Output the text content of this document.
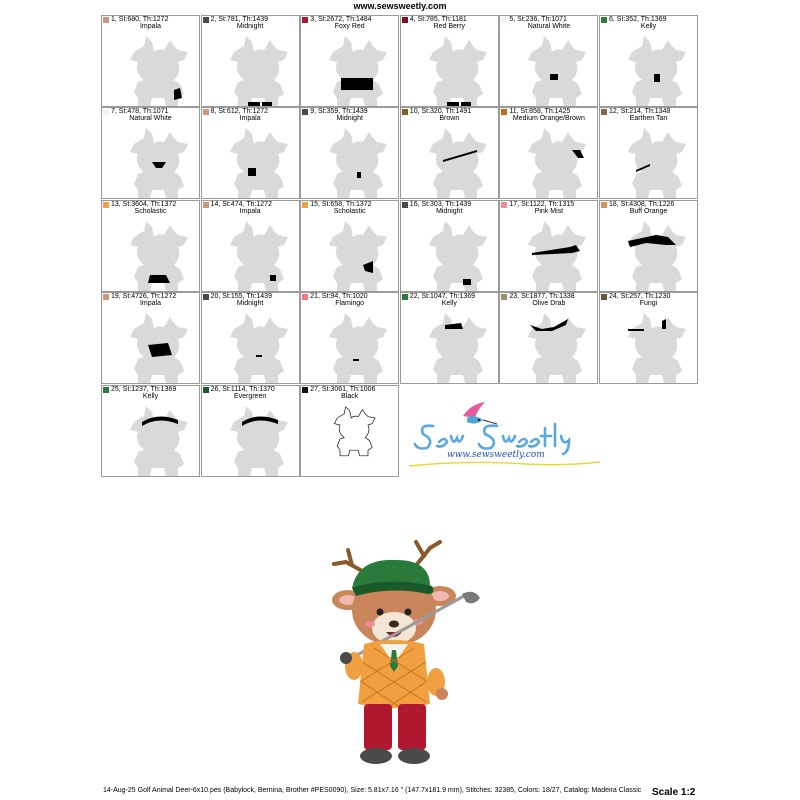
www.sewsweetly.com
1, St:680, Th:1272
Impala
2, St:781, Th:1439
Midnight
3, St:2672, Th:1484
Foxy Red
4, St:785, Th:1181
Red Berry
5, St:236, Th:1071
Natural White
6, St:352, Th:1369
Kelly
7, St:478, Th:1071
Natural White
8, St:612, Th:1272
Impala
9, St:359, Th:1439
Midnight
10, St:320, Th:1491
Brown
11, St:858, Th:1425
Medium Orange/Brown
12, St:214, Th:1348
Earthen Tan
13, St:3604, Th:1372
Scholastic
14, St:474, Th:1272
Impala
15, St:658, Th:1372
Scholastic
16, St:303, Th:1439
Midnight
17, St:1122, Th:1315
Pink Mist
18, St:4308, Th:1226
Buff Orange
19, St:4726, Th:1272
Impala
20, St:155, Th:1439
Midnight
21, St:94, Th:1020
Flamingo
22, St:1047, Th:1369
Kelly
23, St:1877, Th:1338
Olive Drab
24, St:257, Th:1230
Fungi
25, St:1237, Th:1369
Kelly
26, St:1114, Th:1370
Evergreen
27, St:3061, Th:1006
Black
www.sewsweetly.com
14-Aug-25 Golf Animal Deer-6x10.pes (Babylock, Bernina, Brother #PES0090), Size: 5.81x7.16 " (147.7x181.9 mm), Stitches: 32385, Colors: 18/27, Catalog: Madeira Classic Scale 1:2
